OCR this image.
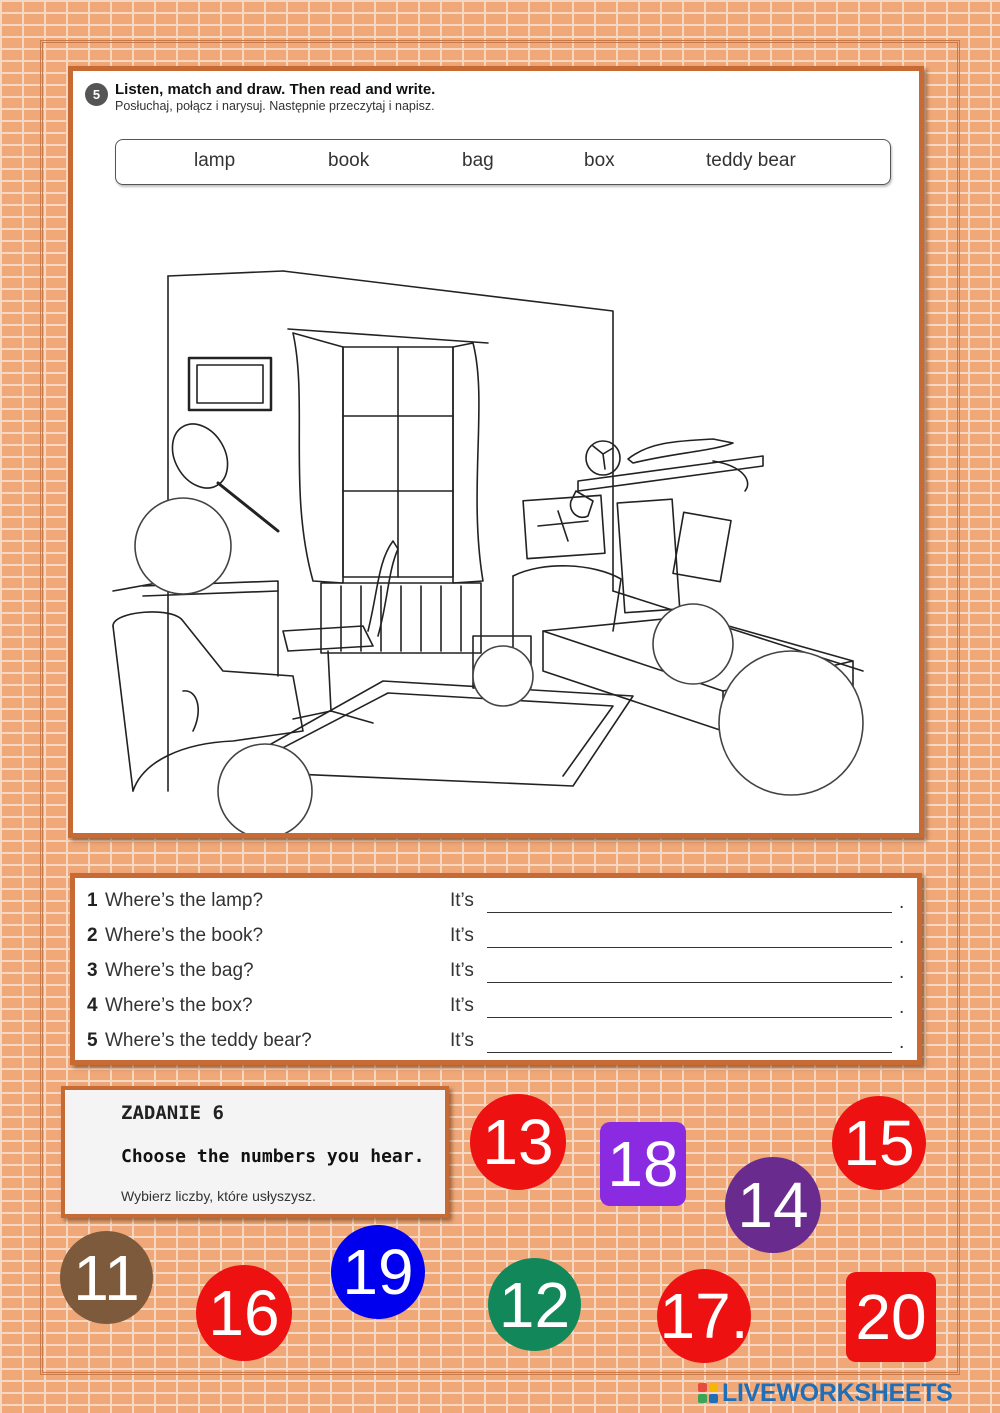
5 Listen, match and draw. Then read and write.
Posłuchaj, połącz i narysuj. Następnie przeczytaj i napisz.
lamp	book	bag	box	teddy bear
1 Where’s the lamp?	It’s	.
2 Where’s the book?	It’s	.
3 Where’s the bag?	It’s	.
4 Where’s the box?	It’s	.
5 Where’s the teddy bear?	It’s	.
ZADANIE 6
Choose the numbers you hear.
Wybierz liczby, które usłyszysz.
13 18	15
14
11 16
19 12 17. 20
LIVEWORKSHEETS
